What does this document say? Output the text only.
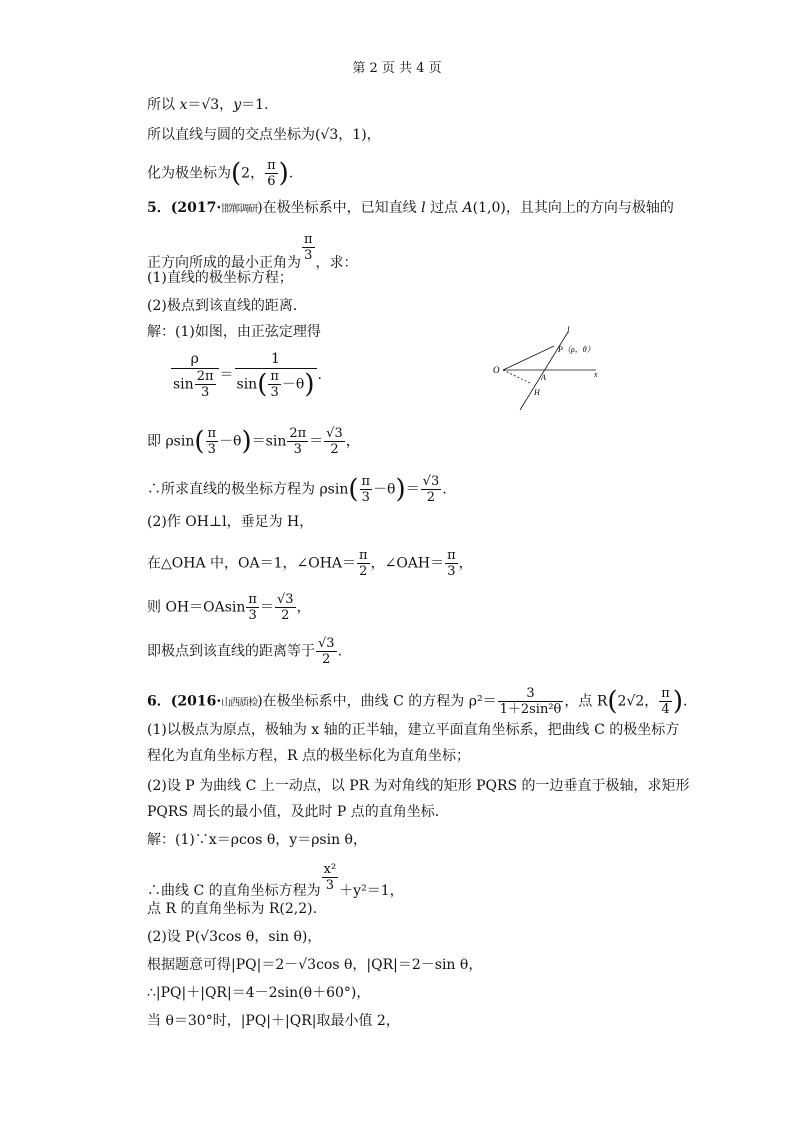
第 2 页 共 4 页
所以 x＝√3，y＝1.
所以直线与圆的交点坐标为(√3，1)，
化为极坐标为(2， $\frac{\pi}{6}$ ).
5．(2017·邯郸调研)在极坐标系中，已知直线 l 过点 A(1,0)，且其向上的方向与极轴的
正方向所成的最小正角为 $\frac{\pi}{3}$ ，求：
(1)直线的极坐标方程；
(2)极点到该直线的距离．
解：(1)如图，由正弦定理得
$\frac{\rho}{\sin \frac{2\pi}{3}} = \frac{1}{\sin( \frac{\pi}{3} -\theta)}$ .
即 $\rho\sin( \frac{\pi}{3} -\theta)=\sin \frac{2\pi}{3} = \frac{√3}{2}$ ，
∴所求直线的极坐标方程为 $\rho\sin( \frac{\pi}{3} -\theta)= \frac{√3}{2}$ .
(2)作 OH⊥l，垂足为 H，
在△OHA 中，OA＝1，∠OHA＝ $\frac{\pi}{2}$ ，∠OAH＝ $\frac{\pi}{3}$ ，
则 $OH=OAsin \frac{\pi}{3} = \frac{√3}{2}$ ，
即极点到该直线的距离等于 $\frac{√3}{2}$ .
6．(2016·山西质检)在极坐标系中，曲线 C 的方程为 $\rho^2= \frac{3}{\text{1＋2sin²θ}}$ ，点 R(2√2， $\frac{\pi}{4}$ ).
(1)以极点为原点，极轴为 x 轴的正半轴，建立平面直角坐标系，把曲线 C 的极坐标方
程化为直角坐标方程，R 点的极坐标化为直角坐标；
(2)设 P 为曲线 C 上一动点，以 PR 为对角线的矩形 PQRS 的一边垂直于极轴，求矩形
PQRS 周长的最小值，及此时 P 点的直角坐标．
解：(1)∵x＝ρcos θ，y＝ρsin θ，
∴曲线 C 的直角坐标方程为 $\frac{\text{x²}}{3} +y^2=1$，
点 R 的直角坐标为 R(2,2).
(2)设 P(√3cos θ，sin θ)，
根据题意可得|PQ|＝2－√3cos θ，|QR|＝2－sin θ，
∴|PQ|＋|QR|＝4－2sin(θ＋60°)，
当 θ＝30°时，|PQ|＋|QR|取最小值 2，
l
P（ρ，θ）
O
A
H
x
